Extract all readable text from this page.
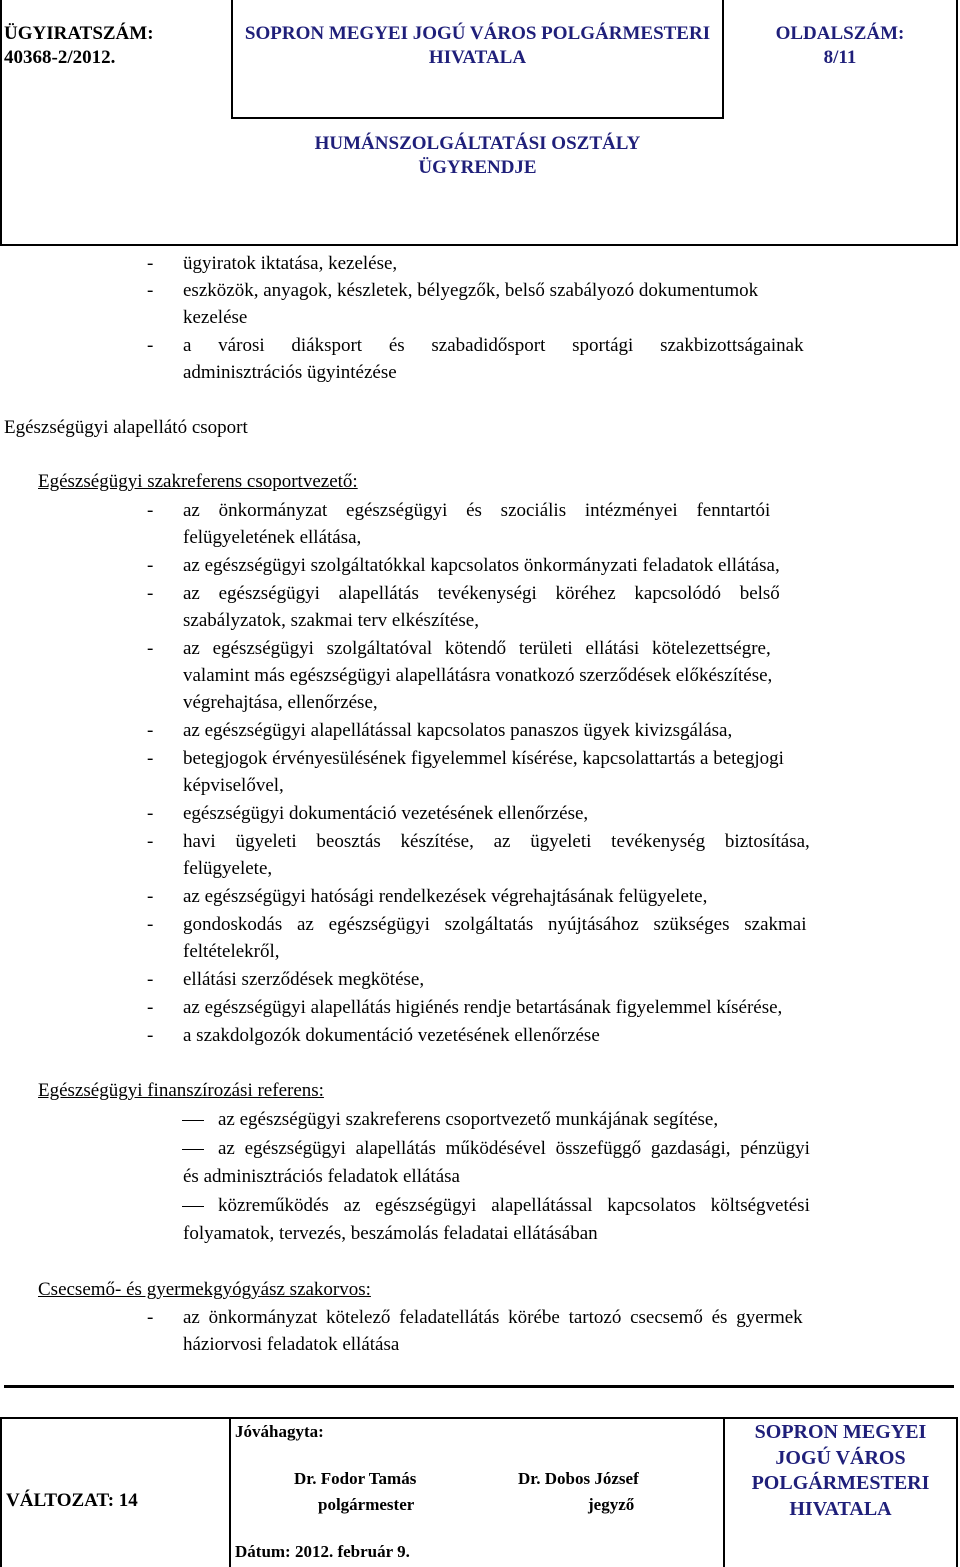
ÜGYIRATSZÁM:
40368-2/2012.
SOPRON MEGYEI JOGÚ VÁROS POLGÁRMESTERI
HIVATALA
OLDALSZÁM:
8/11
HUMÁNSZOLGÁLTATÁSI OSZTÁLY
ÜGYRENDJE
- ügyiratok iktatása, kezelése,
- eszközök, anyagok, készletek, bélyegzők, belső szabályozó dokumentumok
kezelése
- a városi diáksport és szabadidősport sportági szakbizottságainak
adminisztrációs ügyintézése
Egészségügyi alapellátó csoport
Egészségügyi szakreferens csoportvezető:
- az önkormányzat egészségügyi és szociális intézményei fenntartói
felügyeletének ellátása,
- az egészségügyi szolgáltatókkal kapcsolatos önkormányzati feladatok ellátása,
- az egészségügyi alapellátás tevékenységi köréhez kapcsolódó belső
szabályzatok, szakmai terv elkészítése,
- az egészségügyi szolgáltatóval kötendő területi ellátási kötelezettségre,
valamint más egészségügyi alapellátásra vonatkozó szerződések előkészítése,
végrehajtása, ellenőrzése,
- az egészségügyi alapellátással kapcsolatos panaszos ügyek kivizsgálása,
- betegjogok érvényesülésének figyelemmel kísérése, kapcsolattartás a betegjogi
képviselővel,
- egészségügyi dokumentáció vezetésének ellenőrzése,
- havi ügyeleti beosztás készítése, az ügyeleti tevékenység biztosítása,
felügyelete,
- az egészségügyi hatósági rendelkezések végrehajtásának felügyelete,
- gondoskodás az egészségügyi szolgáltatás nyújtásához szükséges szakmai
feltételekről,
- ellátási szerződések megkötése,
- az egészségügyi alapellátás higiénés rendje betartásának figyelemmel kísérése,
- a szakdolgozók dokumentáció vezetésének ellenőrzése
Egészségügyi finanszírozási referens:
az egészségügyi szakreferens csoportvezető munkájának segítése,
az egészségügyi alapellátás működésével összefüggő gazdasági, pénzügyi
és adminisztrációs feladatok ellátása
közreműködés az egészségügyi alapellátással kapcsolatos költségvetési
folyamatok, tervezés, beszámolás feladatai ellátásában
Csecsemő- és gyermekgyógyász szakorvos:
- az önkormányzat kötelező feladatellátás körébe tartozó csecsemő és gyermek
háziorvosi feladatok ellátása
VÁLTOZAT: 14
Jóváhagyta:
Dr. Fodor Tamás
polgármester
Dr. Dobos József
jegyző
Dátum: 2012. február 9.
SOPRON MEGYEI
JOGÚ VÁROS
POLGÁRMESTERI
HIVATALA
